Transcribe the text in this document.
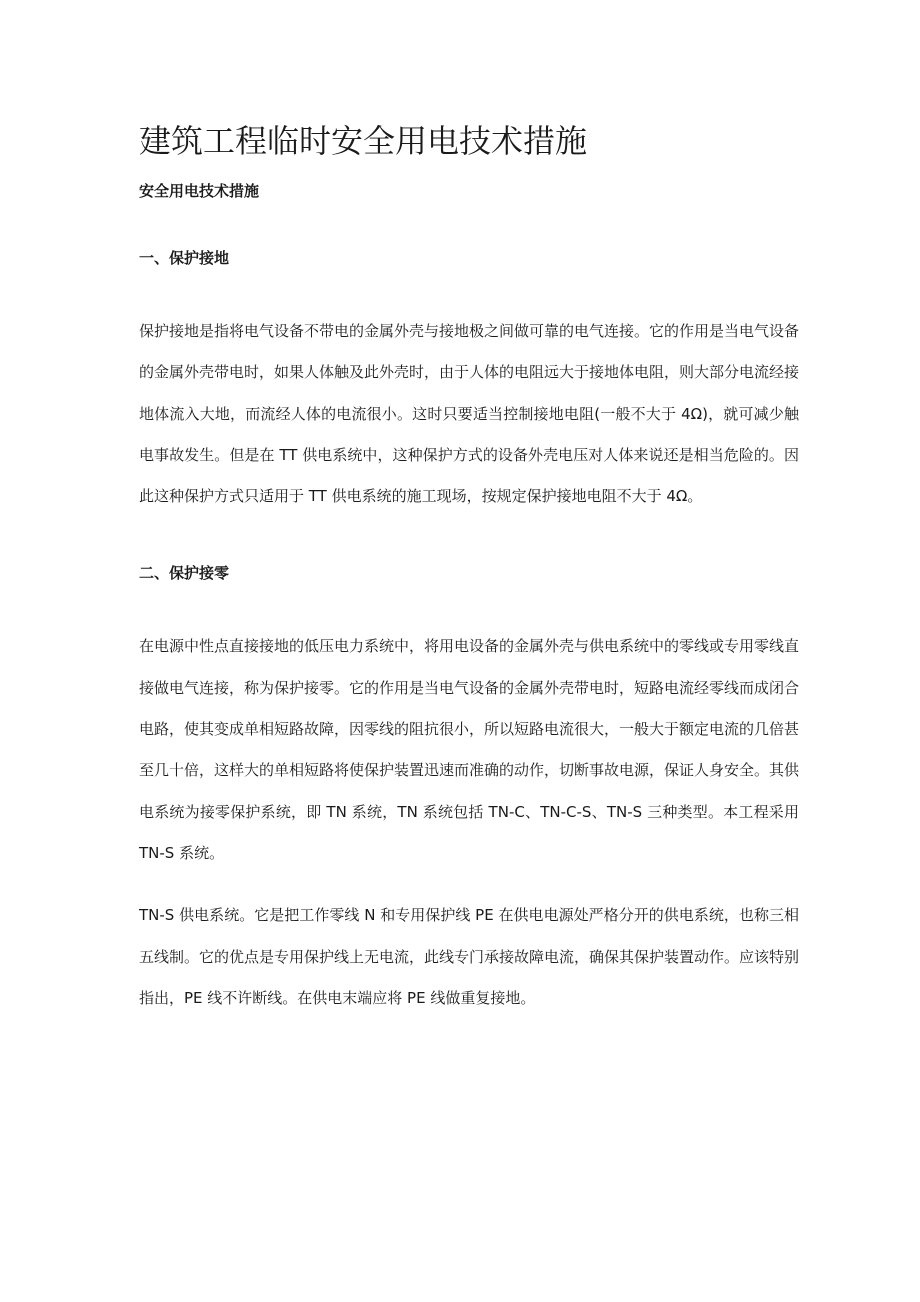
建筑工程临时安全用电技术措施
安全用电技术措施
一、保护接地

保护接地是指将电气设备不带电的金属外壳与接地极之间做可靠的电气连接。它的作用是当电气设备的金属外壳带电时，如果人体触及此外壳时，由于人体的电阻远大于接地体电阻，则大部分电流经接地体流入大地，而流经人体的电流很小。这时只要适当控制接地电阻(一般不大于 4Ω)，就可减少触电事故发生。但是在 TT 供电系统中，这种保护方式的设备外壳电压对人体来说还是相当危险的。因此这种保护方式只适用于 TT 供电系统的施工现场，按规定保护接地电阻不大于 4Ω。

二、保护接零

在电源中性点直接接地的低压电力系统中，将用电设备的金属外壳与供电系统中的零线或专用零线直接做电气连接，称为保护接零。它的作用是当电气设备的金属外壳带电时，短路电流经零线而成闭合电路，使其变成单相短路故障，因零线的阻抗很小，所以短路电流很大，一般大于额定电流的几倍甚至几十倍，这样大的单相短路将使保护装置迅速而准确的动作，切断事故电源，保证人身安全。其供电系统为接零保护系统，即 TN 系统，TN 系统包括 TN-C、TN-C-S、TN-S 三种类型。本工程采用 TN-S 系统。

TN-S 供电系统。它是把工作零线 N 和专用保护线 PE 在供电电源处严格分开的供电系统，也称三相五线制。它的优点是专用保护线上无电流，此线专门承接故障电流，确保其保护装置动作。应该特别指出，PE 线不许断线。在供电末端应将 PE 线做重复接地。
